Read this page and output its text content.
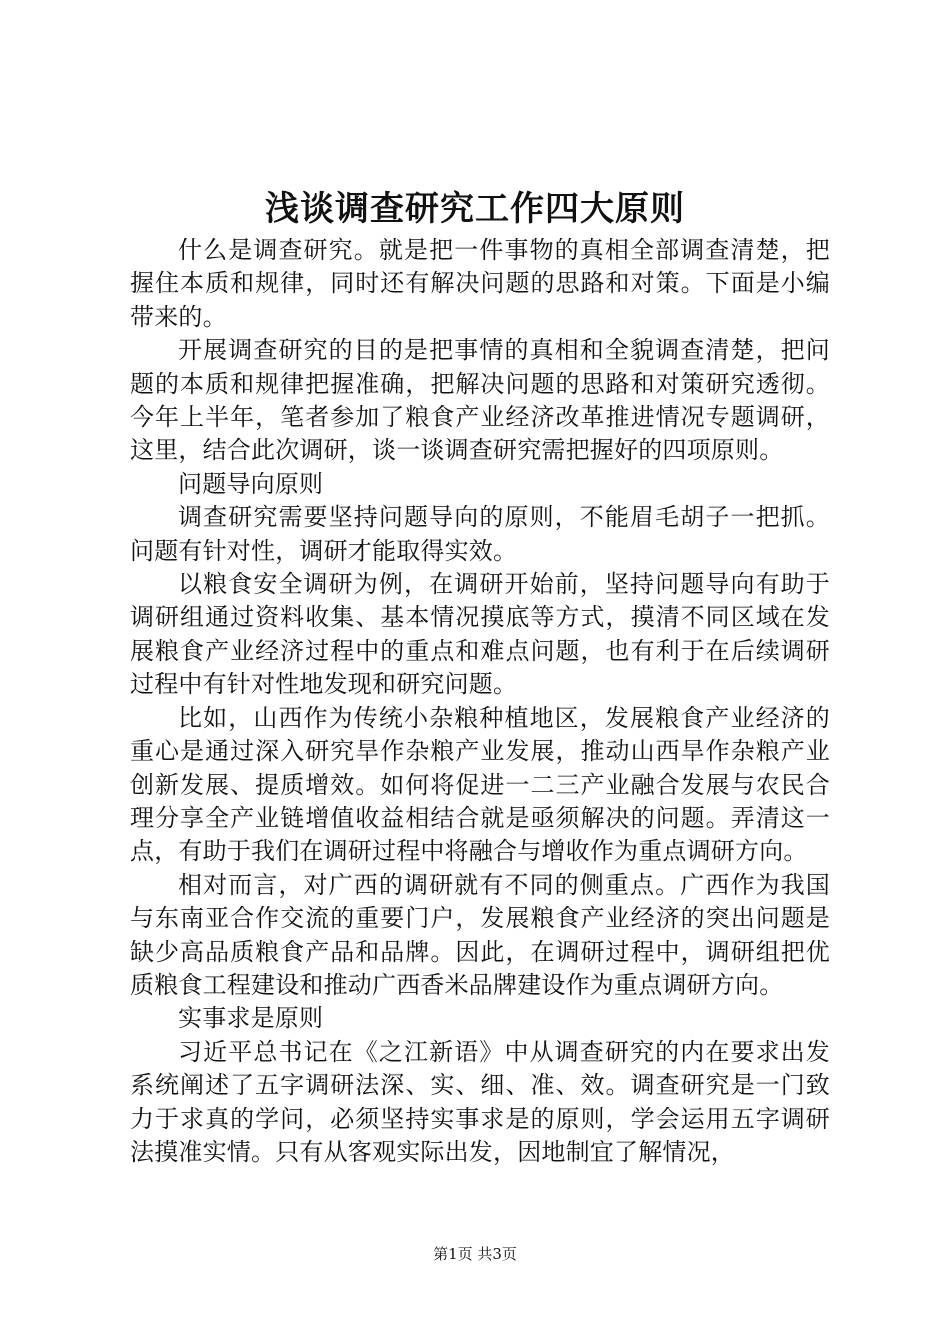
浅谈调查研究工作四大原则

什么是调查研究。就是把一件事物的真相全部调查清楚，把握住本质和规律，同时还有解决问题的思路和对策。下面是小编带来的。

开展调查研究的目的是把事情的真相和全貌调查清楚，把问题的本质和规律把握准确，把解决问题的思路和对策研究透彻。今年上半年，笔者参加了粮食产业经济改革推进情况专题调研，这里，结合此次调研，谈一谈调查研究需把握好的四项原则。

问题导向原则

调查研究需要坚持问题导向的原则，不能眉毛胡子一把抓。问题有针对性，调研才能取得实效。

以粮食安全调研为例，在调研开始前，坚持问题导向有助于调研组通过资料收集、基本情况摸底等方式，摸清不同区域在发展粮食产业经济过程中的重点和难点问题，也有利于在后续调研过程中有针对性地发现和研究问题。

比如，山西作为传统小杂粮种植地区，发展粮食产业经济的重心是通过深入研究旱作杂粮产业发展，推动山西旱作杂粮产业创新发展、提质增效。如何将促进一二三产业融合发展与农民合理分享全产业链增值收益相结合就是亟须解决的问题。弄清这一点，有助于我们在调研过程中将融合与增收作为重点调研方向。

相对而言，对广西的调研就有不同的侧重点。广西作为我国与东南亚合作交流的重要门户，发展粮食产业经济的突出问题是缺少高品质粮食产品和品牌。因此，在调研过程中，调研组把优质粮食工程建设和推动广西香米品牌建设作为重点调研方向。

实事求是原则

习近平总书记在《之江新语》中从调查研究的内在要求出发系统阐述了五字调研法深、实、细、准、效。调查研究是一门致力于求真的学问，必须坚持实事求是的原则，学会运用五字调研法摸准实情。只有从客观实际出发，因地制宜了解情况，

第1页 共3页
